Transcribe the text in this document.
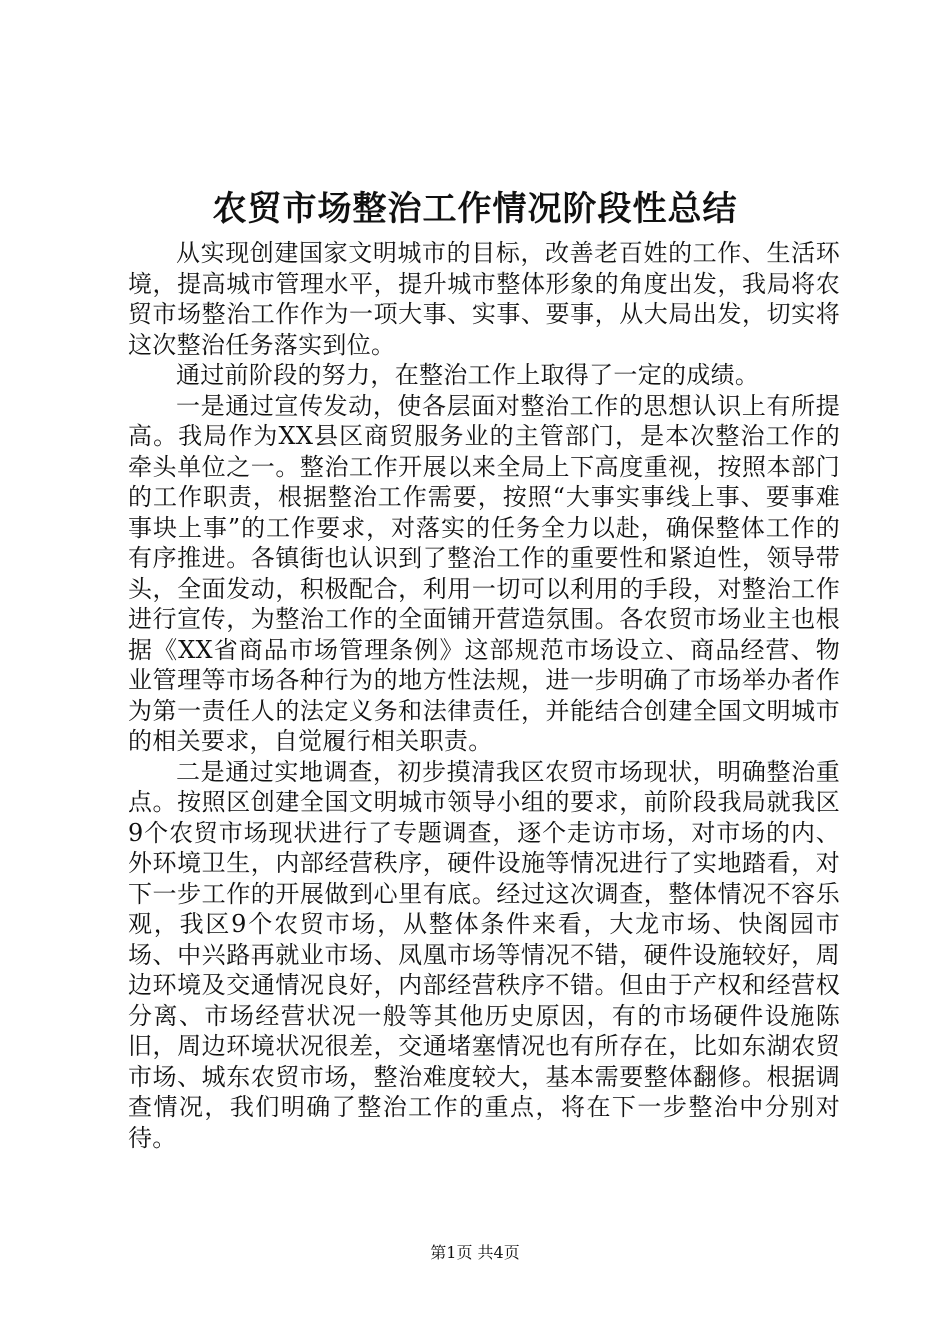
农贸市场整治工作情况阶段性总结

从实现创建国家文明城市的目标，改善老百姓的工作、生活环境，提高城市管理水平，提升城市整体形象的角度出发，我局将农贸市场整治工作作为一项大事、实事、要事，从大局出发，切实将这次整治任务落实到位。

通过前阶段的努力，在整治工作上取得了一定的成绩。

一是通过宣传发动，使各层面对整治工作的思想认识上有所提高。我局作为XX县区商贸服务业的主管部门，是本次整治工作的牵头单位之一。整治工作开展以来全局上下高度重视，按照本部门的工作职责，根据整治工作需要，按照“大事实事线上事、要事难事块上事”的工作要求，对落实的任务全力以赴，确保整体工作的有序推进。各镇街也认识到了整治工作的重要性和紧迫性，领导带头，全面发动，积极配合，利用一切可以利用的手段，对整治工作进行宣传，为整治工作的全面铺开营造氛围。各农贸市场业主也根据《XX省商品市场管理条例》这部规范市场设立、商品经营、物业管理等市场各种行为的地方性法规，进一步明确了市场举办者作为第一责任人的法定义务和法律责任，并能结合创建全国文明城市的相关要求，自觉履行相关职责。

二是通过实地调查，初步摸清我区农贸市场现状，明确整治重点。按照区创建全国文明城市领导小组的要求，前阶段我局就我区9个农贸市场现状进行了专题调查，逐个走访市场，对市场的内、外环境卫生，内部经营秩序，硬件设施等情况进行了实地踏看，对下一步工作的开展做到心里有底。经过这次调查，整体情况不容乐观，我区9个农贸市场，从整体条件来看，大龙市场、快阁园市场、中兴路再就业市场、凤凰市场等情况不错，硬件设施较好，周边环境及交通情况良好，内部经营秩序不错。但由于产权和经营权分离、市场经营状况一般等其他历史原因，有的市场硬件设施陈旧，周边环境状况很差，交通堵塞情况也有所存在，比如东湖农贸市场、城东农贸市场，整治难度较大，基本需要整体翻修。根据调查情况，我们明确了整治工作的重点，将在下一步整治中分别对待。

第1页 共4页
